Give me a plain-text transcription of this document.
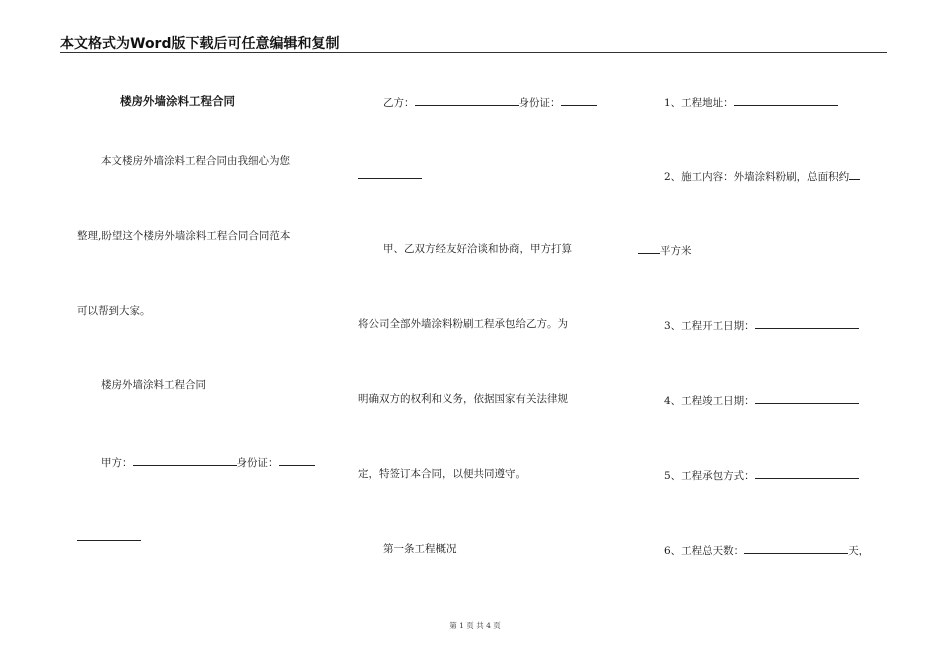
本文格式为Word版下载后可任意编辑和复制
楼房外墙涂料工程合同
本文楼房外墙涂料工程合同由我细心为您
整理,盼望这个楼房外墙涂料工程合同合同范本
可以帮到大家。
楼房外墙涂料工程合同
甲方：	身份证：
乙方：	身份证：
甲、乙双方经友好洽谈和协商，甲方打算
将公司全部外墙涂料粉刷工程承包给乙方。为
明确双方的权利和义务，依据国家有关法律规
定，特签订本合同，以便共同遵守。
第一条工程概况
1、工程地址：
2、施工内容：外墙涂料粉刷，总面积约
平方米
3、工程开工日期：
4、工程竣工日期：
5、工程承包方式：
6、工程总天数：	天，
第 1 页 共 4 页
